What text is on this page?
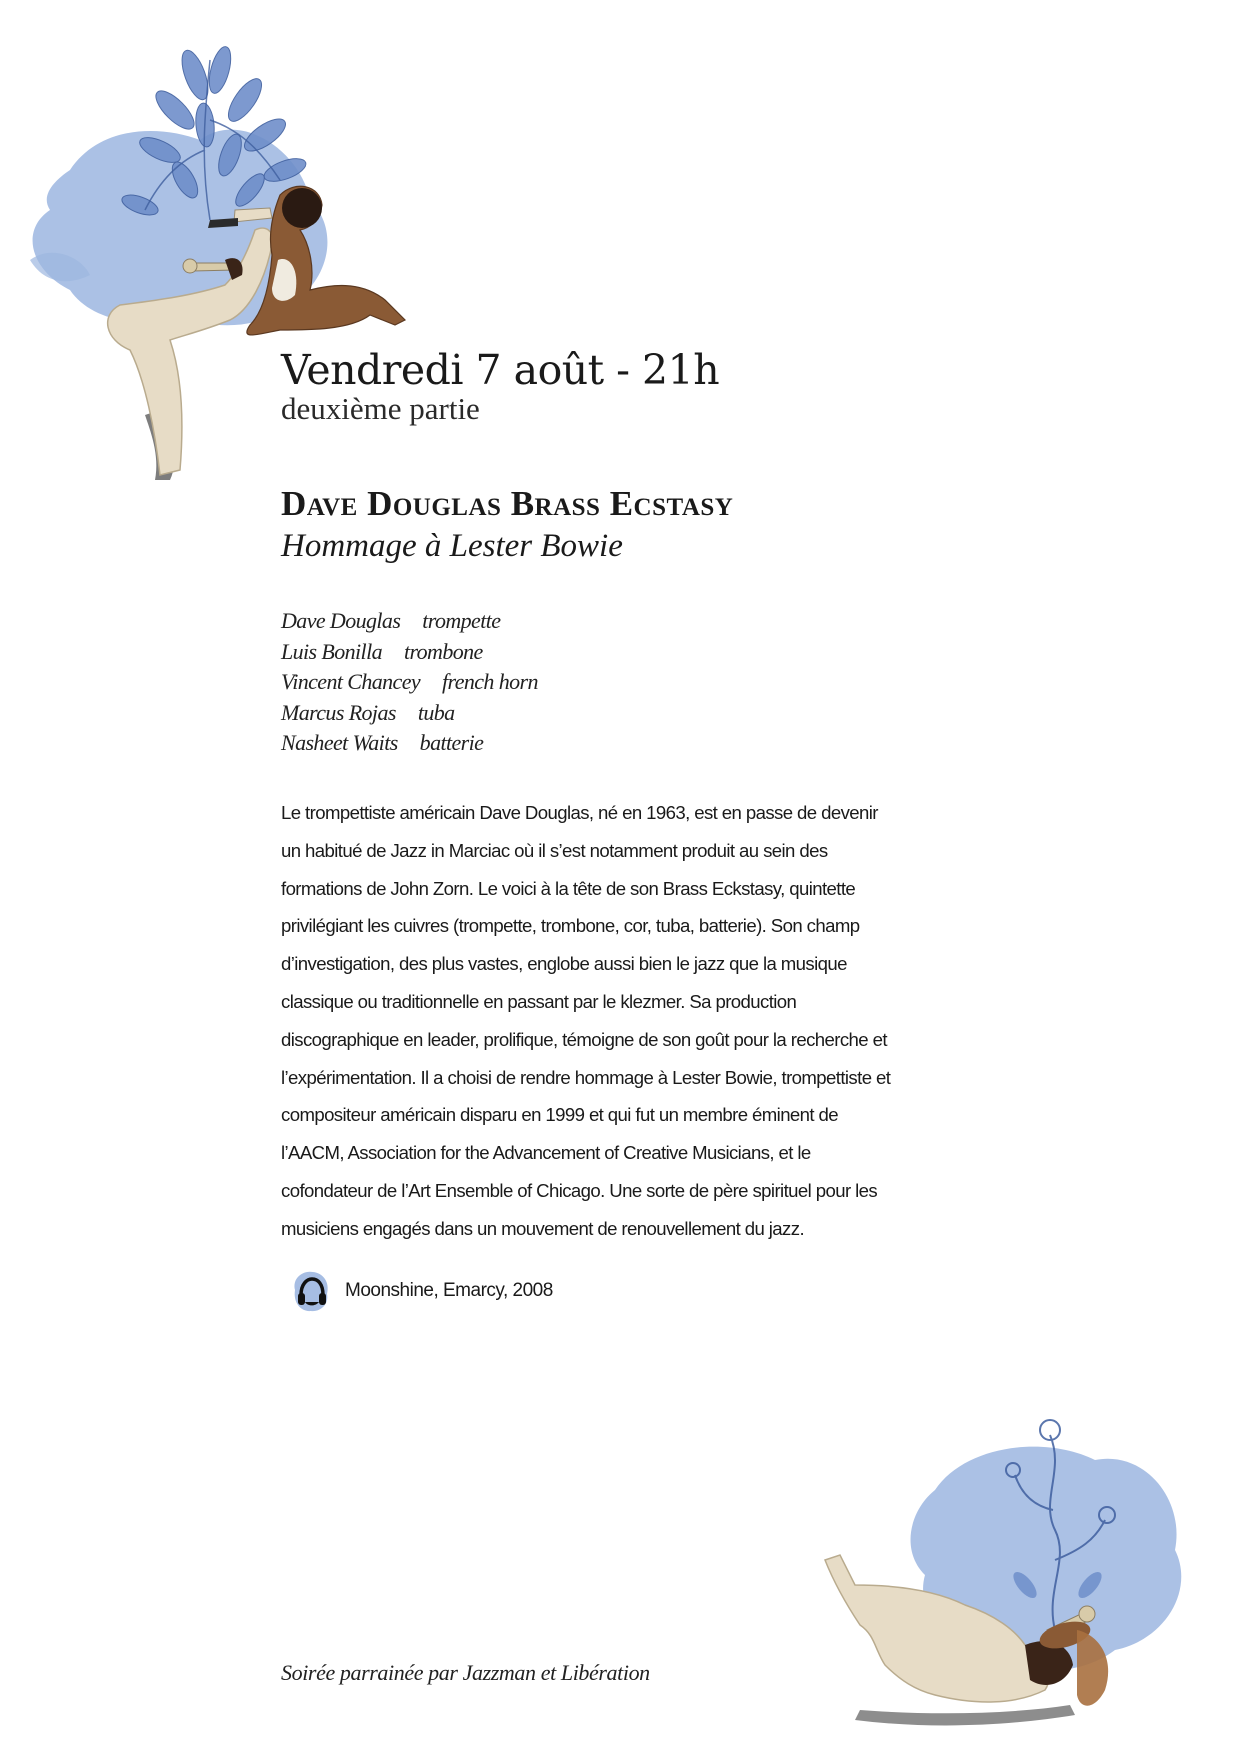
Vendredi 7 août - 21h
deuxième partie
Dave Douglas Brass Ecstasy
Hommage à Lester Bowie
Dave Douglas trompette
Luis Bonilla trombone
Vincent Chancey french horn
Marcus Rojas tuba
Nasheet Waits batterie

Le trompettiste américain Dave Douglas, né en 1963, est en passe de devenir un habitué de Jazz in Marciac où il s’est notamment produit au sein des formations de John Zorn. Le voici à la tête de son Brass Eckstasy, quintette privilégiant les cuivres (trompette, trombone, cor, tuba, batterie). Son champ d’investigation, des plus vastes, englobe aussi bien le jazz que la musique classique ou traditionnelle en passant par le klezmer. Sa production discographique en leader, prolifique, témoigne de son goût pour la recherche et l’expérimentation. Il a choisi de rendre hommage à Lester Bowie, trompettiste et compositeur américain disparu en 1999 et qui fut un membre éminent de l’AACM, Association for the Advancement of Creative Musicians, et le cofondateur de l’Art Ensemble of Chicago. Une sorte de père spirituel pour les musiciens engagés dans un mouvement de renouvellement du jazz.

Moonshine, Emarcy, 2008
Soirée parrainée par Jazzman et Libération
